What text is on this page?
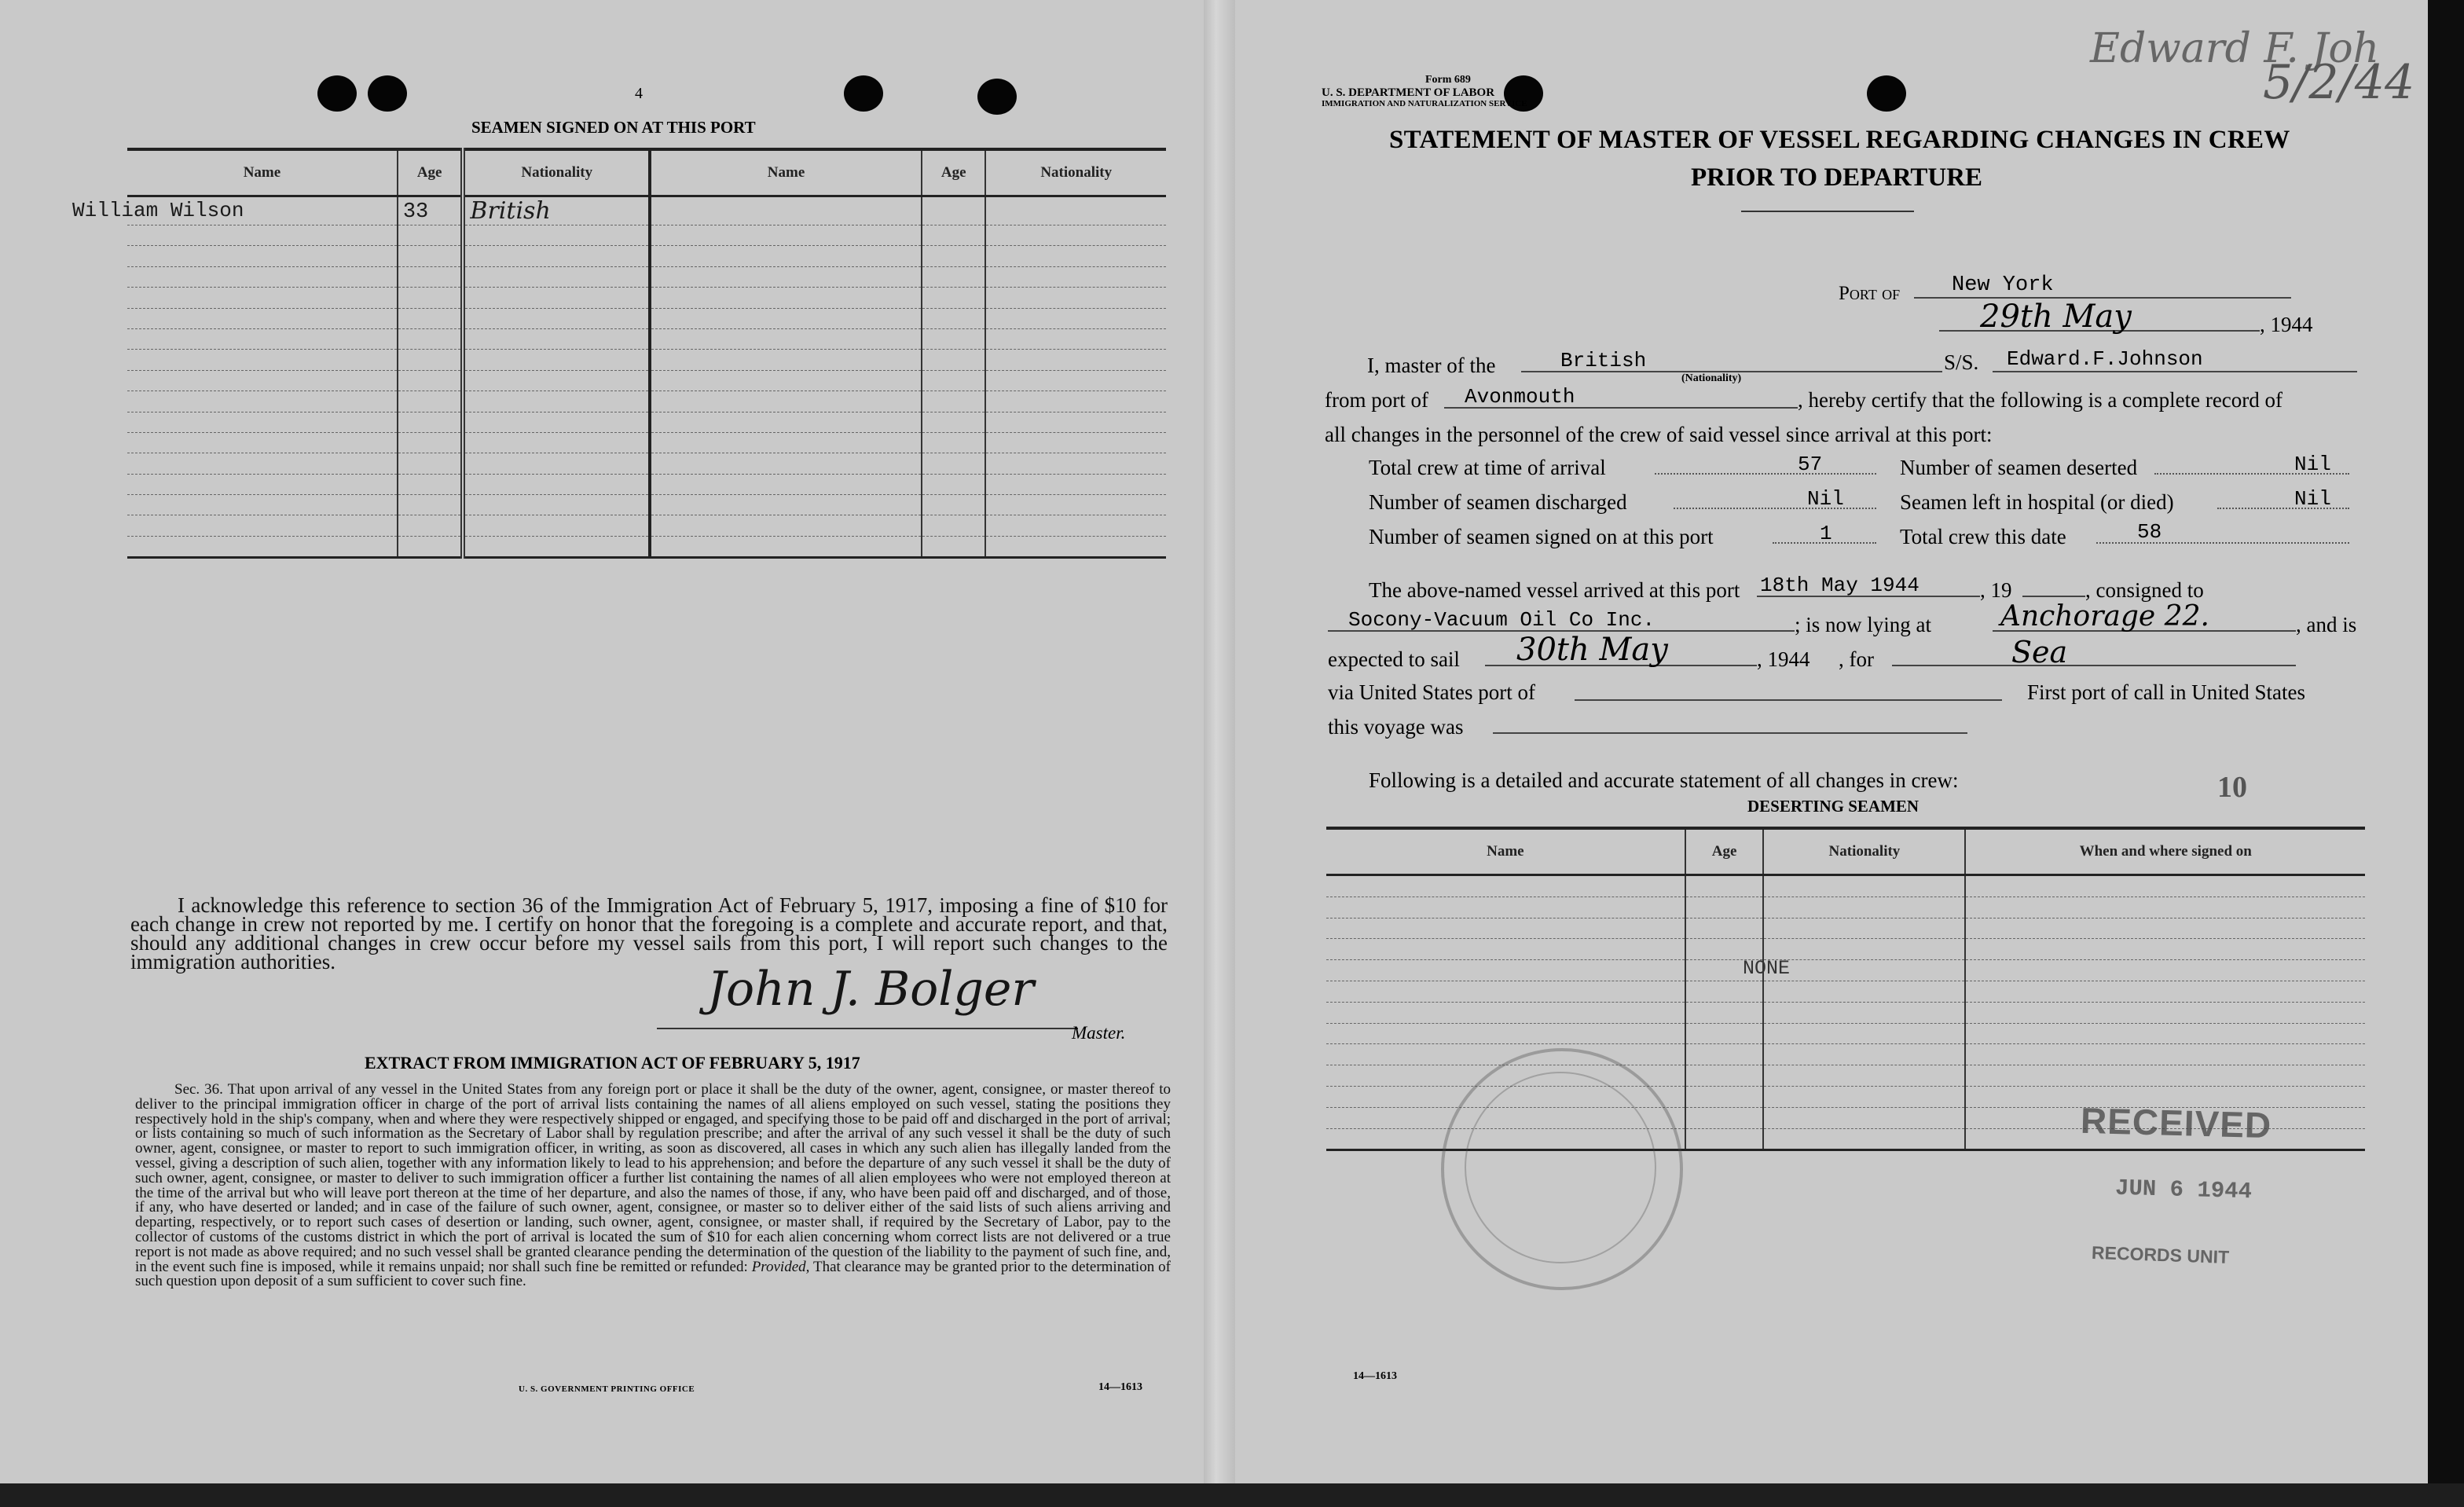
4
SEAMEN SIGNED ON AT THIS PORT
Name	Age	Nationality	Name	Age	Nationality

William Wilson	33	British			

I acknowledge this reference to section 36 of the Immigration Act of February 5, 1917, imposing a fine of $10 for each change in crew not reported by me. I certify on honor that the foregoing is a complete and accurate report, and that, should any additional changes in crew occur before my vessel sails from this port, I will report such changes to the immigration authorities.	John J. Bolger
Master.
EXTRACT FROM IMMIGRATION ACT OF FEBRUARY 5, 1917
Sec. 36. That upon arrival of any vessel in the United States from any foreign port or place it shall be the duty of the owner, agent, consignee, or master thereof to deliver to the principal immigration officer in charge of the port of arrival lists containing the names of all aliens employed on such vessel, stating the positions they respectively hold in the ship's company, when and where they were respectively shipped or engaged, and specifying those to be paid off and discharged in the port of arrival; or lists containing so much of such information as the Secretary of Labor shall by regulation prescribe; and after the arrival of any such vessel it shall be the duty of such owner, agent, consignee, or master to report to such immigration officer, in writing, as soon as discovered, all cases in which any such alien has illegally landed from the vessel, giving a description of such alien, together with any information likely to lead to his apprehension; and before the departure of any such vessel it shall be the duty of such owner, agent, consignee, or master to deliver to such immigration officer a further list containing the names of all alien employees who were not employed thereon at the time of the arrival but who will leave port thereon at the time of her departure, and also the names of those, if any, who have been paid off and discharged, and of those, if any, who have deserted or landed; and in case of the failure of such owner, agent, consignee, or master so to deliver either of the said lists of such aliens arriving and departing, respectively, or to report such cases of desertion or landing, such owner, agent, consignee, or master shall, if required by the Secretary of Labor, pay to the collector of customs of the customs district in which the port of arrival is located the sum of $10 for each alien concerning whom correct lists are not delivered or a true report is not made as above required; and no such vessel shall be granted clearance pending the determination of the question of the liability to the payment of such fine, and, in the event such fine is imposed, while it remains unpaid; nor shall such fine be remitted or refunded: Provided, That clearance may be granted prior to the determination of such question upon deposit of a sum sufficient to cover such fine.
U. S. GOVERNMENT PRINTING OFFICE	14—1613
Edward F. Joh
5/2/44
Form 689
U. S. DEPARTMENT OF LABOR
IMMIGRATION AND NATURALIZATION SERVICE
STATEMENT OF MASTER OF VESSEL REGARDING CHANGES IN CREW
PRIOR TO DEPARTURE
Port of New York
29th May	, 1944
I, master of the	British
(Nationality)
S/S. Edward.F.Johnson
from port of Avonmouth	, hereby certify that the following is a complete record of
all changes in the personnel of the crew of said vessel since arrival at this port:
Total crew at time of arrival	57	Number of seamen deserted	Nil
Number of seamen discharged	Nil	Seamen left in hospital (or died)	Nil
Number of seamen signed on at this port	1	Total crew this date	58
The above-named vessel arrived at this port 18th May 1944	, 19	, consigned to
Socony-Vacuum Oil Co Inc.	; is now lying at Anchorage 22.	, and is
expected to sail 30th May	, 1944 , for	Sea
via United States port of	First port of call in United States
this voyage was
Following is a detailed and accurate statement of all changes in crew:	10
DESERTING SEAMEN
Name	Age	Nationality	When and where signed on

NONE
RECEIVED
JUN 6 1944
RECORDS UNIT
14—1613
